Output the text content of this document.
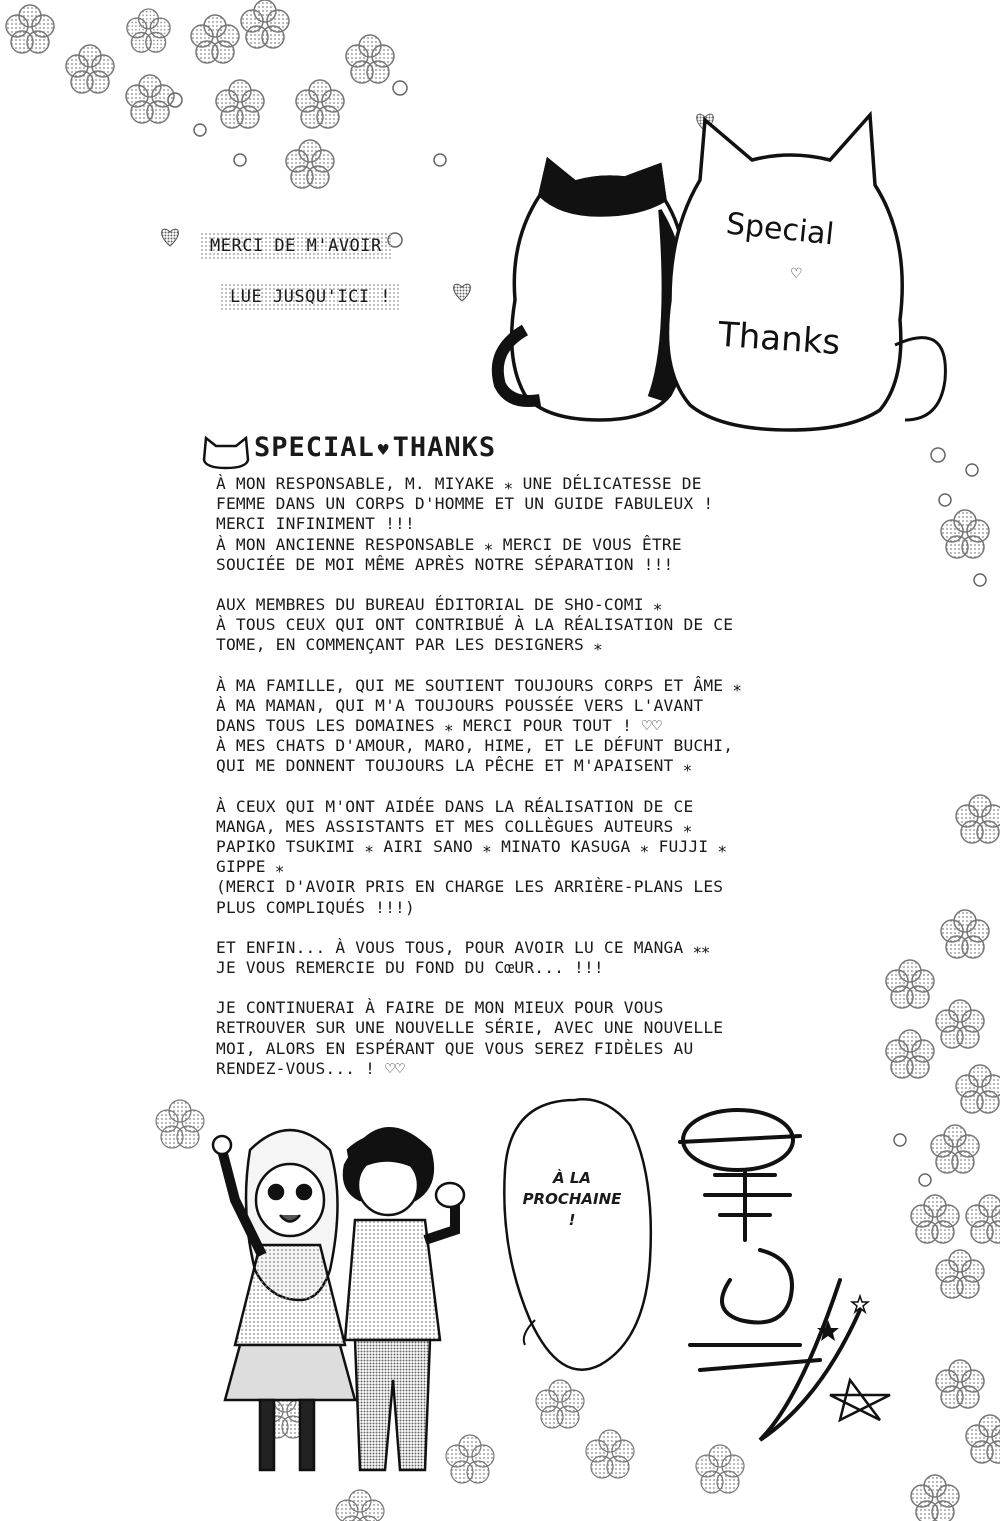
Special
♡
Thanks
MERCI DE M'AVOIR
LUE JUSQU'ICI !
SPECIAL ♥ THANKS
À MON RESPONSABLE, M. MIYAKE ⁎ UNE DÉLICATESSE DE
FEMME DANS UN CORPS D'HOMME ET UN GUIDE FABULEUX !
MERCI INFINIMENT !!!
À MON ANCIENNE RESPONSABLE ⁎ MERCI DE VOUS ÊTRE
SOUCIÉE DE MOI MÊME APRÈS NOTRE SÉPARATION !!!
AUX MEMBRES DU BUREAU ÉDITORIAL DE SHO-COMI ⁎
À TOUS CEUX QUI ONT CONTRIBUÉ À LA RÉALISATION DE CE
TOME, EN COMMENÇANT PAR LES DESIGNERS ⁎
À MA FAMILLE, QUI ME SOUTIENT TOUJOURS CORPS ET ÂME ⁎
À MA MAMAN, QUI M'A TOUJOURS POUSSÉE VERS L'AVANT
DANS TOUS LES DOMAINES ⁎ MERCI POUR TOUT ! ♡♡
À MES CHATS D'AMOUR, MARO, HIME, ET LE DÉFUNT BUCHI,
QUI ME DONNENT TOUJOURS LA PÊCHE ET M'APAISENT ⁎
À CEUX QUI M'ONT AIDÉE DANS LA RÉALISATION DE CE
MANGA, MES ASSISTANTS ET MES COLLÈGUES AUTEURS ⁎
PAPIKO TSUKIMI ⁎ AIRI SANO ⁎ MINATO KASUGA ⁎ FUJJI ⁎
GIPPE ⁎
(MERCI D'AVOIR PRIS EN CHARGE LES ARRIÈRE-PLANS LES
PLUS COMPLIQUÉS !!!)
ET ENFIN... À VOUS TOUS, POUR AVOIR LU CE MANGA ⁎⁎
JE VOUS REMERCIE DU FOND DU CœUR... !!!
JE CONTINUERAI À FAIRE DE MON MIEUX POUR VOUS
RETROUVER SUR UNE NOUVELLE SÉRIE, AVEC UNE NOUVELLE
MOI, ALORS EN ESPÉRANT QUE VOUS SEREZ FIDÈLES AU
RENDEZ-VOUS... ! ♡♡
À LA
PROCHAINE
!
